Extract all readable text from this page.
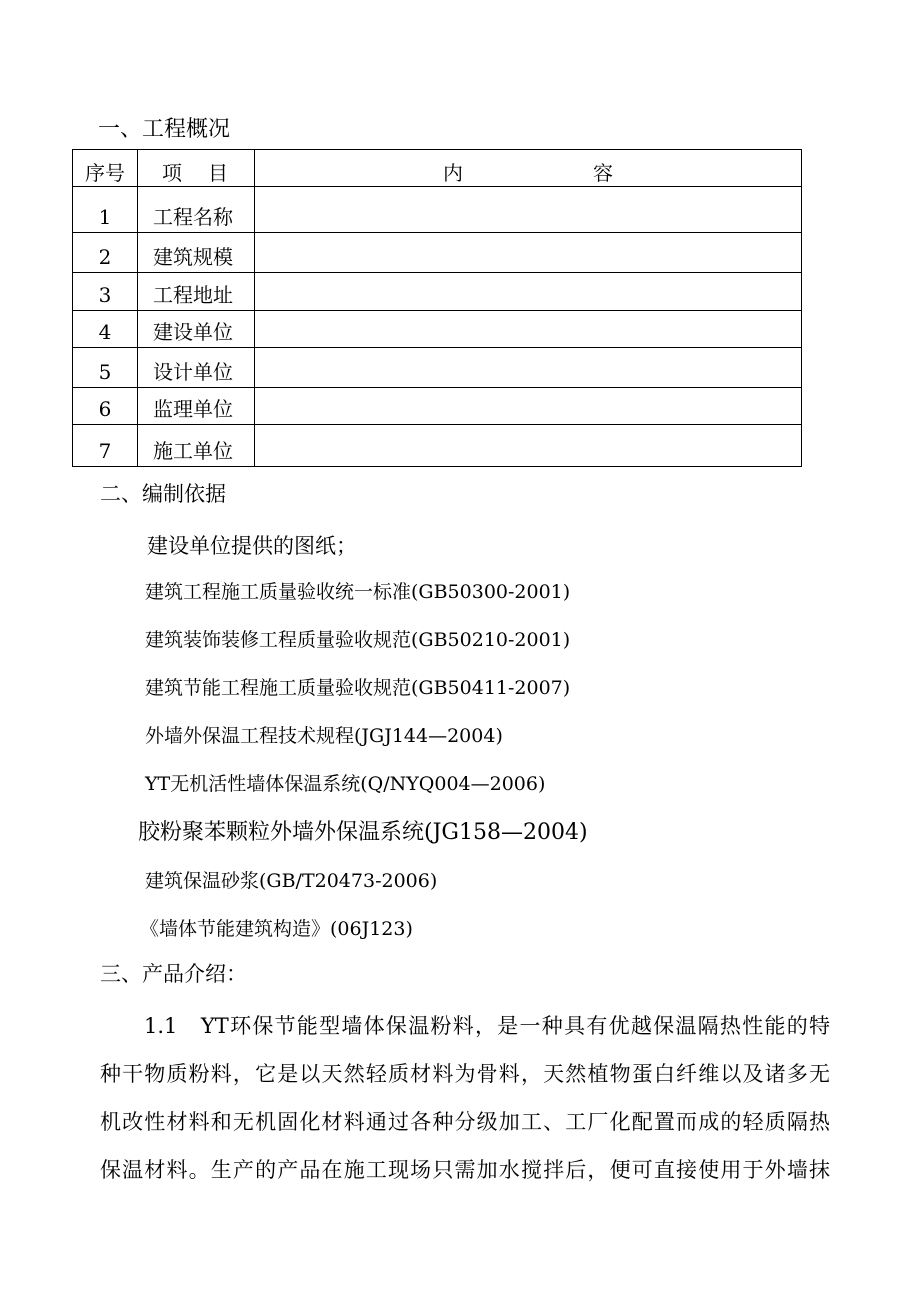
一、工程概况
序号	项目	内 容
1	工程名称	
2	建筑规模	
3	工程地址	
4	建设单位	
5	设计单位	
6	监理单位	
7	施工单位	
二、编制依据
建设单位提供的图纸；
建筑工程施工质量验收统一标准(GB50300-2001)
建筑装饰装修工程质量验收规范(GB50210-2001)
建筑节能工程施工质量验收规范(GB50411-2007)
外墙外保温工程技术规程(JGJ144—2004)
YT无机活性墙体保温系统(Q/NYQ004—2006)
胶粉聚苯颗粒外墙外保温系统(JG158—2004)
建筑保温砂浆(GB/T20473-2006)
《墙体节能建筑构造》(06J123)
三、产品介绍：
1.1　YT环保节能型墙体保温粉料，是一种具有优越保温隔热性能的特
种干物质粉料，它是以天然轻质材料为骨料，天然植物蛋白纤维以及诸多无
机改性材料和无机固化材料通过各种分级加工、工厂化配置而成的轻质隔热
保温材料。生产的产品在施工现场只需加水搅拌后，便可直接使用于外墙抹
